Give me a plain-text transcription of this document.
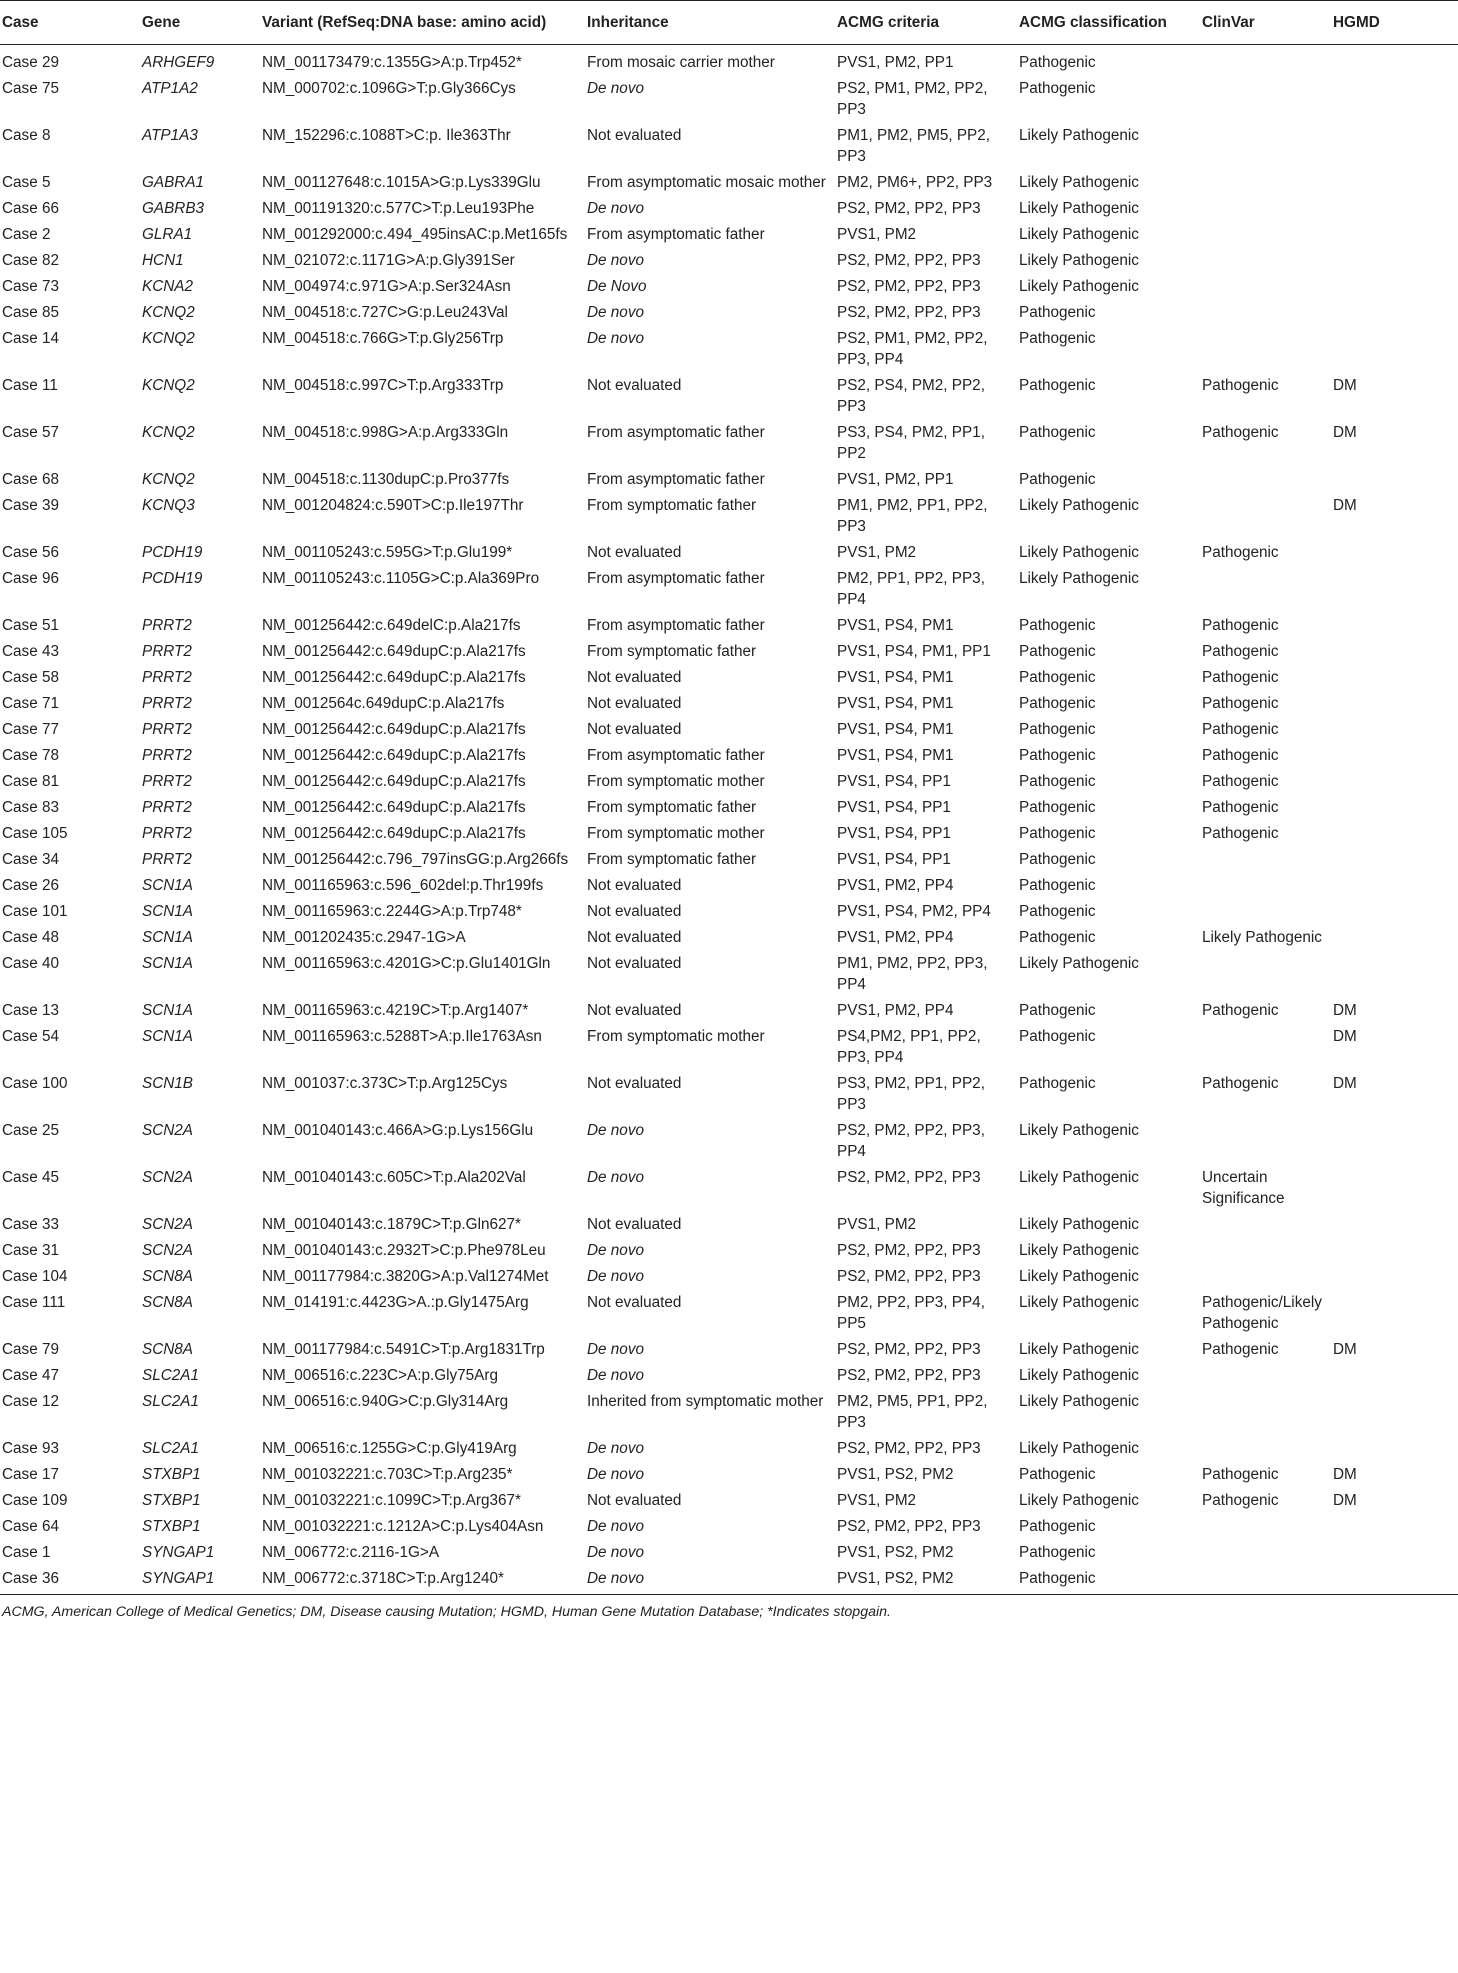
Case	Gene	Variant (RefSeq:DNA base: amino acid)	Inheritance	ACMG criteria	ACMG classification	ClinVar	HGMD
Case 29	ARHGEF9	NM_001173479:c.1355G>A:p.Trp452*	From mosaic carrier mother	PVS1, PM2, PP1	Pathogenic		
Case 75	ATP1A2	NM_000702:c.1096G>T:p.Gly366Cys	De novo	PS2, PM1, PM2, PP2, PP3	Pathogenic		
Case 8	ATP1A3	NM_152296:c.1088T>C:p. Ile363Thr	Not evaluated	PM1, PM2, PM5, PP2, PP3	Likely Pathogenic		
Case 5	GABRA1	NM_001127648:c.1015A>G:p.Lys339Glu	From asymptomatic mosaic mother	PM2, PM6+, PP2, PP3	Likely Pathogenic		
Case 66	GABRB3	NM_001191320:c.577C>T:p.Leu193Phe	De novo	PS2, PM2, PP2, PP3	Likely Pathogenic		
Case 2	GLRA1	NM_001292000:c.494_495insAC:p.Met165fs	From asymptomatic father	PVS1, PM2	Likely Pathogenic		
Case 82	HCN1	NM_021072:c.1171G>A:p.Gly391Ser	De novo	PS2, PM2, PP2, PP3	Likely Pathogenic		
Case 73	KCNA2	NM_004974:c.971G>A:p.Ser324Asn	De Novo	PS2, PM2, PP2, PP3	Likely Pathogenic		
Case 85	KCNQ2	NM_004518:c.727C>G:p.Leu243Val	De novo	PS2, PM2, PP2, PP3	Pathogenic		
Case 14	KCNQ2	NM_004518:c.766G>T:p.Gly256Trp	De novo	PS2, PM1, PM2, PP2, PP3, PP4	Pathogenic		
Case 11	KCNQ2	NM_004518:c.997C>T:p.Arg333Trp	Not evaluated	PS2, PS4, PM2, PP2, PP3	Pathogenic	Pathogenic	DM
Case 57	KCNQ2	NM_004518:c.998G>A:p.Arg333Gln	From asymptomatic father	PS3, PS4, PM2, PP1, PP2	Pathogenic	Pathogenic	DM
Case 68	KCNQ2	NM_004518:c.1130dupC:p.Pro377fs	From asymptomatic father	PVS1, PM2, PP1	Pathogenic		
Case 39	KCNQ3	NM_001204824:c.590T>C:p.Ile197Thr	From symptomatic father	PM1, PM2, PP1, PP2, PP3	Likely Pathogenic		DM
Case 56	PCDH19	NM_001105243:c.595G>T:p.Glu199*	Not evaluated	PVS1, PM2	Likely Pathogenic	Pathogenic	
Case 96	PCDH19	NM_001105243:c.1105G>C:p.Ala369Pro	From asymptomatic father	PM2, PP1, PP2, PP3, PP4	Likely Pathogenic		
Case 51	PRRT2	NM_001256442:c.649delC:p.Ala217fs	From asymptomatic father	PVS1, PS4, PM1	Pathogenic	Pathogenic	
Case 43	PRRT2	NM_001256442:c.649dupC:p.Ala217fs	From symptomatic father	PVS1, PS4, PM1, PP1	Pathogenic	Pathogenic	
Case 58	PRRT2	NM_001256442:c.649dupC:p.Ala217fs	Not evaluated	PVS1, PS4, PM1	Pathogenic	Pathogenic	
Case 71	PRRT2	NM_0012564c.649dupC:p.Ala217fs	Not evaluated	PVS1, PS4, PM1	Pathogenic	Pathogenic	
Case 77	PRRT2	NM_001256442:c.649dupC:p.Ala217fs	Not evaluated	PVS1, PS4, PM1	Pathogenic	Pathogenic	
Case 78	PRRT2	NM_001256442:c.649dupC:p.Ala217fs	From asymptomatic father	PVS1, PS4, PM1	Pathogenic	Pathogenic	
Case 81	PRRT2	NM_001256442:c.649dupC:p.Ala217fs	From symptomatic mother	PVS1, PS4, PP1	Pathogenic	Pathogenic	
Case 83	PRRT2	NM_001256442:c.649dupC:p.Ala217fs	From symptomatic father	PVS1, PS4, PP1	Pathogenic	Pathogenic	
Case 105	PRRT2	NM_001256442:c.649dupC:p.Ala217fs	From symptomatic mother	PVS1, PS4, PP1	Pathogenic	Pathogenic	
Case 34	PRRT2	NM_001256442:c.796_797insGG:p.Arg266fs	From symptomatic father	PVS1, PS4, PP1	Pathogenic		
Case 26	SCN1A	NM_001165963:c.596_602del:p.Thr199fs	Not evaluated	PVS1, PM2, PP4	Pathogenic		
Case 101	SCN1A	NM_001165963:c.2244G>A:p.Trp748*	Not evaluated	PVS1, PS4, PM2, PP4	Pathogenic		
Case 48	SCN1A	NM_001202435:c.2947-1G>A	Not evaluated	PVS1, PM2, PP4	Pathogenic	Likely Pathogenic	
Case 40	SCN1A	NM_001165963:c.4201G>C:p.Glu1401Gln	Not evaluated	PM1, PM2, PP2, PP3, PP4	Likely Pathogenic		
Case 13	SCN1A	NM_001165963:c.4219C>T:p.Arg1407*	Not evaluated	PVS1, PM2, PP4	Pathogenic	Pathogenic	DM
Case 54	SCN1A	NM_001165963:c.5288T>A:p.Ile1763Asn	From symptomatic mother	PS4,PM2, PP1, PP2, PP3, PP4	Pathogenic		DM
Case 100	SCN1B	NM_001037:c.373C>T:p.Arg125Cys	Not evaluated	PS3, PM2, PP1, PP2, PP3	Pathogenic	Pathogenic	DM
Case 25	SCN2A	NM_001040143:c.466A>G:p.Lys156Glu	De novo	PS2, PM2, PP2, PP3, PP4	Likely Pathogenic		
Case 45	SCN2A	NM_001040143:c.605C>T:p.Ala202Val	De novo	PS2, PM2, PP2, PP3	Likely Pathogenic	Uncertain Significance	
Case 33	SCN2A	NM_001040143:c.1879C>T:p.Gln627*	Not evaluated	PVS1, PM2	Likely Pathogenic		
Case 31	SCN2A	NM_001040143:c.2932T>C:p.Phe978Leu	De novo	PS2, PM2, PP2, PP3	Likely Pathogenic		
Case 104	SCN8A	NM_001177984:c.3820G>A:p.Val1274Met	De novo	PS2, PM2, PP2, PP3	Likely Pathogenic		
Case 111	SCN8A	NM_014191:c.4423G>A.:p.Gly1475Arg	Not evaluated	PM2, PP2, PP3, PP4, PP5	Likely Pathogenic	Pathogenic/Likely Pathogenic	
Case 79	SCN8A	NM_001177984:c.5491C>T:p.Arg1831Trp	De novo	PS2, PM2, PP2, PP3	Likely Pathogenic	Pathogenic	DM
Case 47	SLC2A1	NM_006516:c.223C>A:p.Gly75Arg	De novo	PS2, PM2, PP2, PP3	Likely Pathogenic		
Case 12	SLC2A1	NM_006516:c.940G>C:p.Gly314Arg	Inherited from symptomatic mother	PM2, PM5, PP1, PP2, PP3	Likely Pathogenic		
Case 93	SLC2A1	NM_006516:c.1255G>C:p.Gly419Arg	De novo	PS2, PM2, PP2, PP3	Likely Pathogenic		
Case 17	STXBP1	NM_001032221:c.703C>T:p.Arg235*	De novo	PVS1, PS2, PM2	Pathogenic	Pathogenic	DM
Case 109	STXBP1	NM_001032221:c.1099C>T:p.Arg367*	Not evaluated	PVS1, PM2	Likely Pathogenic	Pathogenic	DM
Case 64	STXBP1	NM_001032221:c.1212A>C:p.Lys404Asn	De novo	PS2, PM2, PP2, PP3	Pathogenic		
Case 1	SYNGAP1	NM_006772:c.2116-1G>A	De novo	PVS1, PS2, PM2	Pathogenic		
Case 36	SYNGAP1	NM_006772:c.3718C>T:p.Arg1240*	De novo	PVS1, PS2, PM2	Pathogenic		
ACMG, American College of Medical Genetics; DM, Disease causing Mutation; HGMD, Human Gene Mutation Database; *Indicates stopgain.
